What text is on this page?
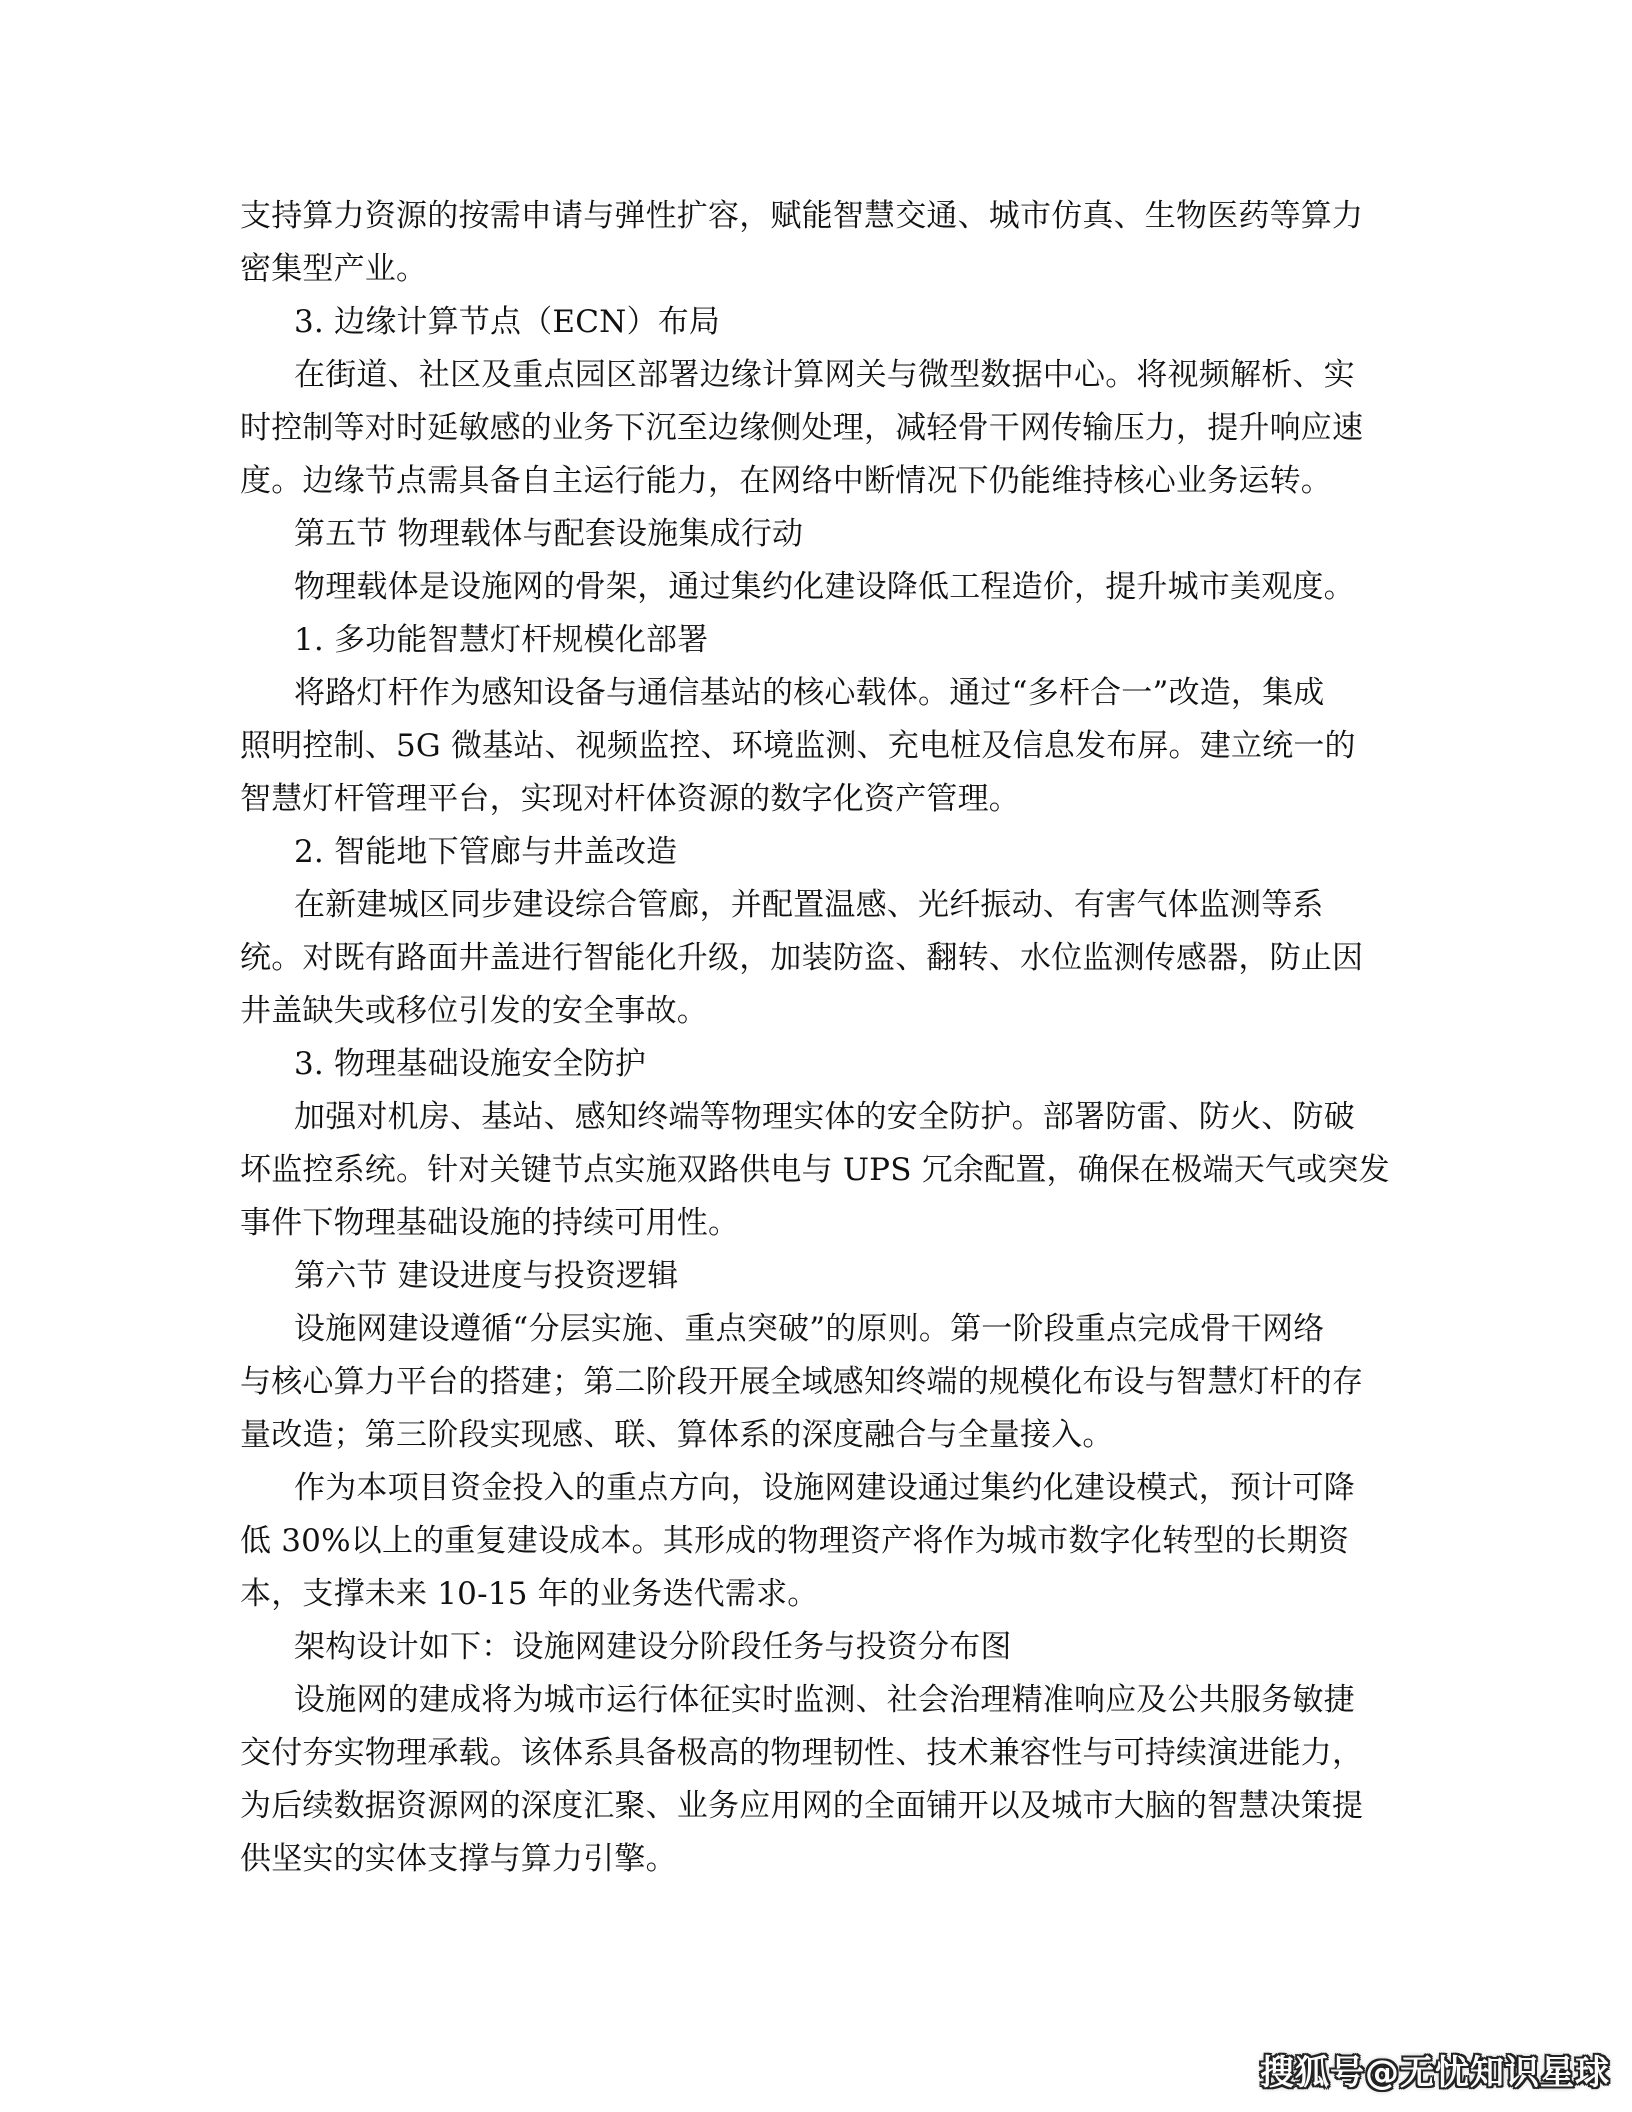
支持算力资源的按需申请与弹性扩容，赋能智慧交通、城市仿真、生物医药等算力
密集型产业。
3. 边缘计算节点（ECN）布局
在街道、社区及重点园区部署边缘计算网关与微型数据中心。将视频解析、实
时控制等对时延敏感的业务下沉至边缘侧处理，减轻骨干网传输压力，提升响应速
度。边缘节点需具备自主运行能力，在网络中断情况下仍能维持核心业务运转。
第五节 物理载体与配套设施集成行动
物理载体是设施网的骨架，通过集约化建设降低工程造价，提升城市美观度。
1. 多功能智慧灯杆规模化部署
将路灯杆作为感知设备与通信基站的核心载体。通过“多杆合一”改造，集成
照明控制、5G 微基站、视频监控、环境监测、充电桩及信息发布屏。建立统一的
智慧灯杆管理平台，实现对杆体资源的数字化资产管理。
2. 智能地下管廊与井盖改造
在新建城区同步建设综合管廊，并配置温感、光纤振动、有害气体监测等系
统。对既有路面井盖进行智能化升级，加装防盗、翻转、水位监测传感器，防止因
井盖缺失或移位引发的安全事故。
3. 物理基础设施安全防护
加强对机房、基站、感知终端等物理实体的安全防护。部署防雷、防火、防破
坏监控系统。针对关键节点实施双路供电与 UPS 冗余配置，确保在极端天气或突发
事件下物理基础设施的持续可用性。
第六节 建设进度与投资逻辑
设施网建设遵循“分层实施、重点突破”的原则。第一阶段重点完成骨干网络
与核心算力平台的搭建；第二阶段开展全域感知终端的规模化布设与智慧灯杆的存
量改造；第三阶段实现感、联、算体系的深度融合与全量接入。
作为本项目资金投入的重点方向，设施网建设通过集约化建设模式，预计可降
低 30%以上的重复建设成本。其形成的物理资产将作为城市数字化转型的长期资
本，支撑未来 10-15 年的业务迭代需求。
架构设计如下：设施网建设分阶段任务与投资分布图
设施网的建成将为城市运行体征实时监测、社会治理精准响应及公共服务敏捷
交付夯实物理承载。该体系具备极高的物理韧性、技术兼容性与可持续演进能力，
为后续数据资源网的深度汇聚、业务应用网的全面铺开以及城市大脑的智慧决策提
供坚实的实体支撑与算力引擎。
搜狐号@无忧知识星球
